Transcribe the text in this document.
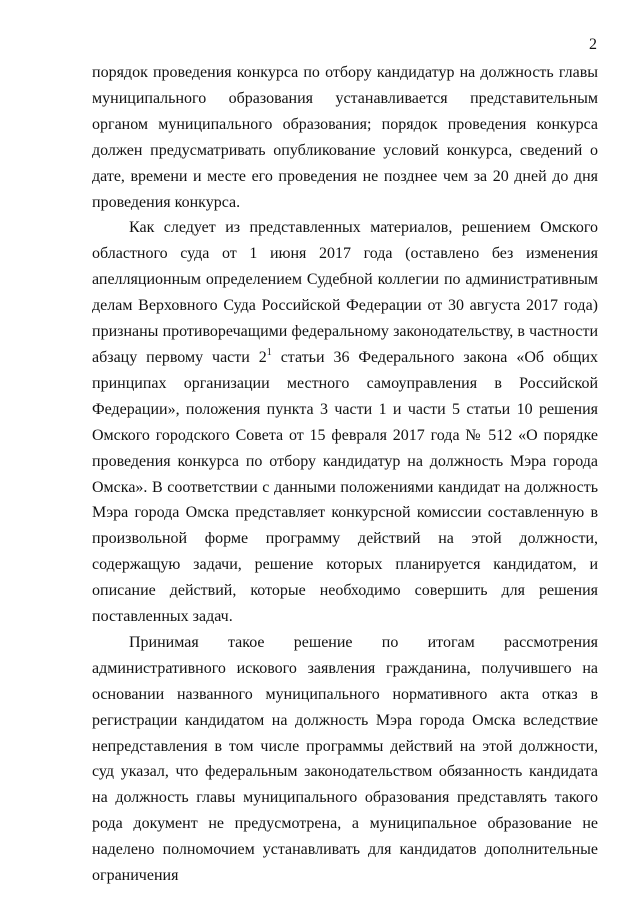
2

порядок проведения конкурса по отбору кандидатур на должность главы муниципального образования устанавливается представительным органом муниципального образования; порядок проведения конкурса должен предусматривать опубликование условий конкурса, сведений о дате, времени и месте его проведения не позднее чем за 20 дней до дня проведения конкурса.

Как следует из представленных материалов, решением Омского областного суда от 1 июня 2017 года (оставлено без изменения апелляционным определением Судебной коллегии по административным делам Верховного Суда Российской Федерации от 30 августа 2017 года) признаны противоречащими федеральному законодательству, в частности абзацу первому части $2^1$ статьи 36 Федерального закона «Об общих принципах организации местного самоуправления в Российской Федерации», положения пункта 3 части 1 и части 5 статьи 10 решения Омского городского Совета от 15 февраля 2017 года № 512 «О порядке проведения конкурса по отбору кандидатур на должность Мэра города Омска». В соответствии с данными положениями кандидат на должность Мэра города Омска представляет конкурсной комиссии составленную в произвольной форме программу действий на этой должности, содержащую задачи, решение которых планируется кандидатом, и описание действий, которые необходимо совершить для решения поставленных задач.

Принимая такое решение по итогам рассмотрения административного искового заявления гражданина, получившего на основании названного муниципального нормативного акта отказ в регистрации кандидатом на должность Мэра города Омска вследствие непредставления в том числе программы действий на этой должности, суд указал, что федеральным законодательством обязанность кандидата на должность главы муниципального образования представлять такого рода документ не предусмотрена, а муниципальное образование не наделено полномочием устанавливать для кандидатов дополнительные ограничения
